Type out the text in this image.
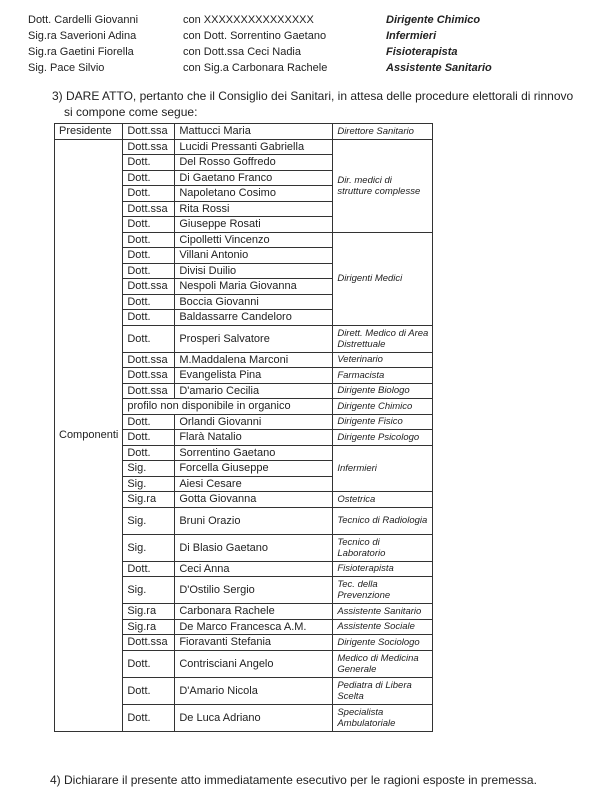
Dott. Cardelli Giovanni	con XXXXXXXXXXXXXXX	Dirigente Chimico
Sig.ra Saverioni Adina	con Dott. Sorrentino Gaetano	Infermieri
Sig.ra Gaetini Fiorella	con Dott.ssa Ceci Nadia	Fisioterapista
Sig. Pace Silvio	con Sig.a Carbonara Rachele	Assistente Sanitario
3) DARE ATTO, pertanto che il Consiglio dei Sanitari, in attesa delle procedure elettorali di rinnovo
si compone come segue:
Presidente	Dott.ssa	Mattucci Maria	Direttore Sanitario
Componenti	Dott.ssa	Lucidi Pressanti Gabriella	Dir. medici di strutture complesse
	Dott.	Del Rosso Goffredo	
	Dott.	Di Gaetano Franco	
	Dott.	Napoletano Cosimo	
	Dott.ssa	Rita Rossi	
	Dott.	Giuseppe Rosati	
	Dott.	Cipolletti Vincenzo	Dirigenti Medici
	Dott.	Villani Antonio	
	Dott.	Divisi Duilio	
	Dott.ssa	Nespoli Maria Giovanna	
	Dott.	Boccia Giovanni	
	Dott.	Baldassarre Candeloro	
	Dott.	Prosperi Salvatore	Dirett. Medico di Area Distrettuale
	Dott.ssa	M.Maddalena Marconi	Veterinario
	Dott.ssa	Evangelista Pina	Farmacista
	Dott.ssa	D'amario Cecilia	Dirigente Biologo
	profilo non disponibile in organico		Dirigente Chimico
	Dott.	Orlandi Giovanni	Dirigente Fisico
	Dott.	Flarà Natalio	Dirigente Psicologo
	Dott.	Sorrentino Gaetano	Infermieri
	Sig.	Forcella Giuseppe	
	Sig.	Aiesi Cesare	
	Sig.ra	Gotta Giovanna	Ostetrica
	Sig.	Bruni Orazio	Tecnico di Radiologia
	Sig.	Di Blasio Gaetano	Tecnico di Laboratorio
	Dott.	Ceci Anna	Fisioterapista
	Sig.	D'Ostilio Sergio	Tec. della Prevenzione
	Sig.ra	Carbonara Rachele	Assistente Sanitario
	Sig.ra	De Marco Francesca A.M.	Assistente Sociale
	Dott.ssa	Fioravanti Stefania	Dirigente Sociologo
	Dott.	Contrisciani Angelo	Medico di Medicina Generale
	Dott.	D'Amario Nicola	Pediatra di Libera Scelta
	Dott.	De Luca Adriano	Specialista Ambulatoriale
4) Dichiarare il presente atto immediatamente esecutivo per le ragioni esposte in premessa.
